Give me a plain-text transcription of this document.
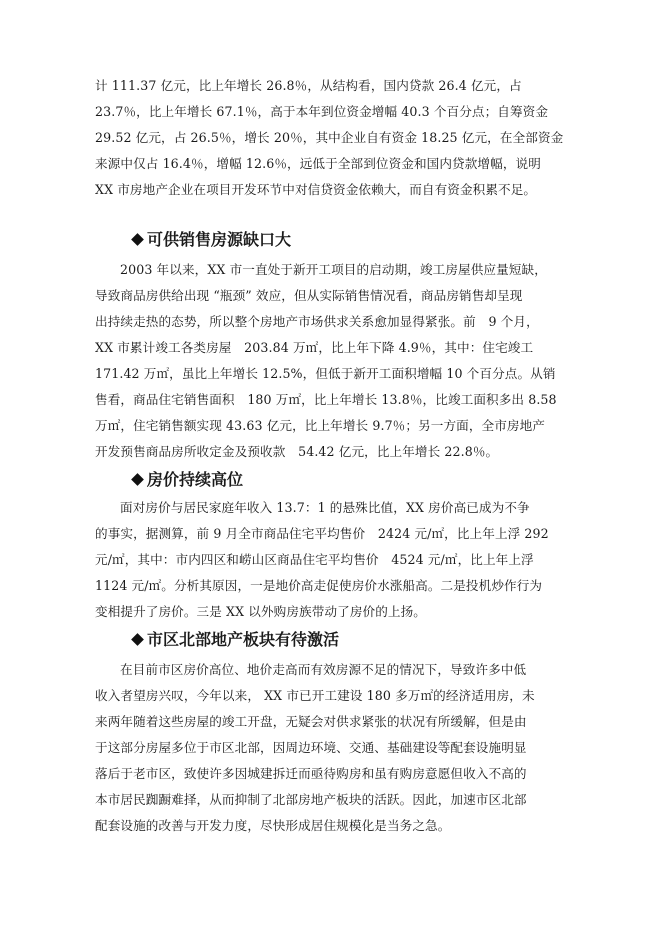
计 111.37 亿元，比上年增长 26.8％，从结构看，国内贷款 26.4 亿元，占
23.7％，比上年增长 67.1％，高于本年到位资金增幅 40.3 个百分点；自筹资金
29.52 亿元，占 26.5％，增长 20％，其中企业自有资金 18.25 亿元，在全部资金
来源中仅占 16.4％，增幅 12.6％，远低于全部到位资金和国内贷款增幅，说明
XX 市房地产企业在项目开发环节中对信贷资金依赖大，而自有资金积累不足。
可供销售房源缺口大
2003 年以来，XX 市一直处于新开工项目的启动期，竣工房屋供应量短缺，
导致商品房供给出现 “瓶颈” 效应，但从实际销售情况看，商品房销售却呈现
出持续走热的态势，所以整个房地产市场供求关系愈加显得紧张。前　9 个月，
XX 市累计竣工各类房屋　203.84 万㎡，比上年下降 4.9％，其中：住宅竣工
171.42 万㎡，虽比上年增长 12.5%，但低于新开工面积增幅 10 个百分点。从销
售看，商品住宅销售面积　180 万㎡，比上年增长 13.8％，比竣工面积多出 8.58
万㎡，住宅销售额实现 43.63 亿元，比上年增长 9.7％；另一方面，全市房地产
开发预售商品房所收定金及预收款　54.42 亿元，比上年增长 22.8％。
房价持续高位
面对房价与居民家庭年收入 13.7：1 的悬殊比值，XX 房价高已成为不争
的事实，据测算，前 9 月全市商品住宅平均售价　2424 元/㎡，比上年上浮 292
元/㎡，其中：市内四区和崂山区商品住宅平均售价　4524 元/㎡，比上年上浮
1124 元/㎡。分析其原因，一是地价高走促使房价水涨船高。二是投机炒作行为
变相提升了房价。三是 XX 以外购房族带动了房价的上扬。
市区北部地产板块有待激活
在目前市区房价高位、地价走高而有效房源不足的情况下，导致许多中低
收入者望房兴叹，今年以来， XX 市已开工建设 180 多万㎡的经济适用房，未
来两年随着这些房屋的竣工开盘，无疑会对供求紧张的状况有所缓解，但是由
于这部分房屋多位于市区北部，因周边环境、交通、基础建设等配套设施明显
落后于老市区，致使许多因城建拆迁而亟待购房和虽有购房意愿但收入不高的
本市居民踟蹰难择，从而抑制了北部房地产板块的活跃。因此，加速市区北部
配套设施的改善与开发力度，尽快形成居住规模化是当务之急。
